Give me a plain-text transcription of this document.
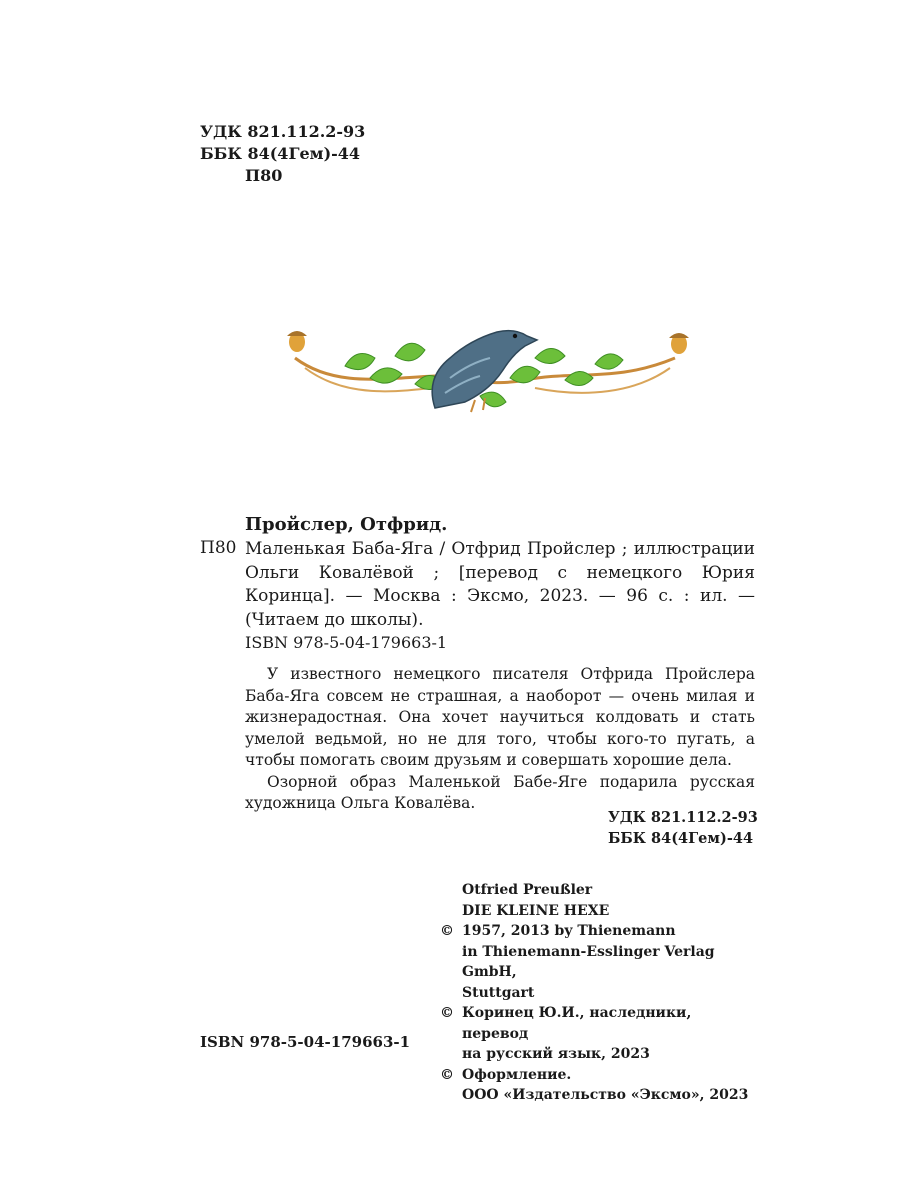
УДК 821.112.2-93
ББК 84(4Гем)-44
П80
Пройслер, Отфрид.
П80 Маленькая Баба-Яга / Отфрид Пройслер ; иллюстрации Ольги Ковалёвой ; [перевод с немецкого Юрия Коринца]. — Москва : Эксмо, 2023. — 96 с. : ил. — (Читаем до школы).
ISBN 978-5-04-179663-1

У известного немецкого писателя Отфрида Пройслера Баба-Яга совсем не страшная, а наоборот — очень милая и жизнерадостная. Она хочет научиться колдовать и стать умелой ведьмой, но не для того, чтобы кого-то пугать, а чтобы помогать своим друзьям и совершать хорошие дела.

Озорной образ Маленькой Бабе-Яге подарила русская художница Ольга Ковалёва.

УДК 821.112.2-93
ББК 84(4Гем)-44
Otfried Preußler
DIE KLEINE HEXE
© 1957, 2013 by Thienemann
in Thienemann-Esslinger Verlag GmbH,
Stuttgart
© Коринец Ю.И., наследники, перевод
на русский язык, 2023
© Оформление.
ООО «Издательство «Эксмо», 2023
ISBN 978-5-04-179663-1
